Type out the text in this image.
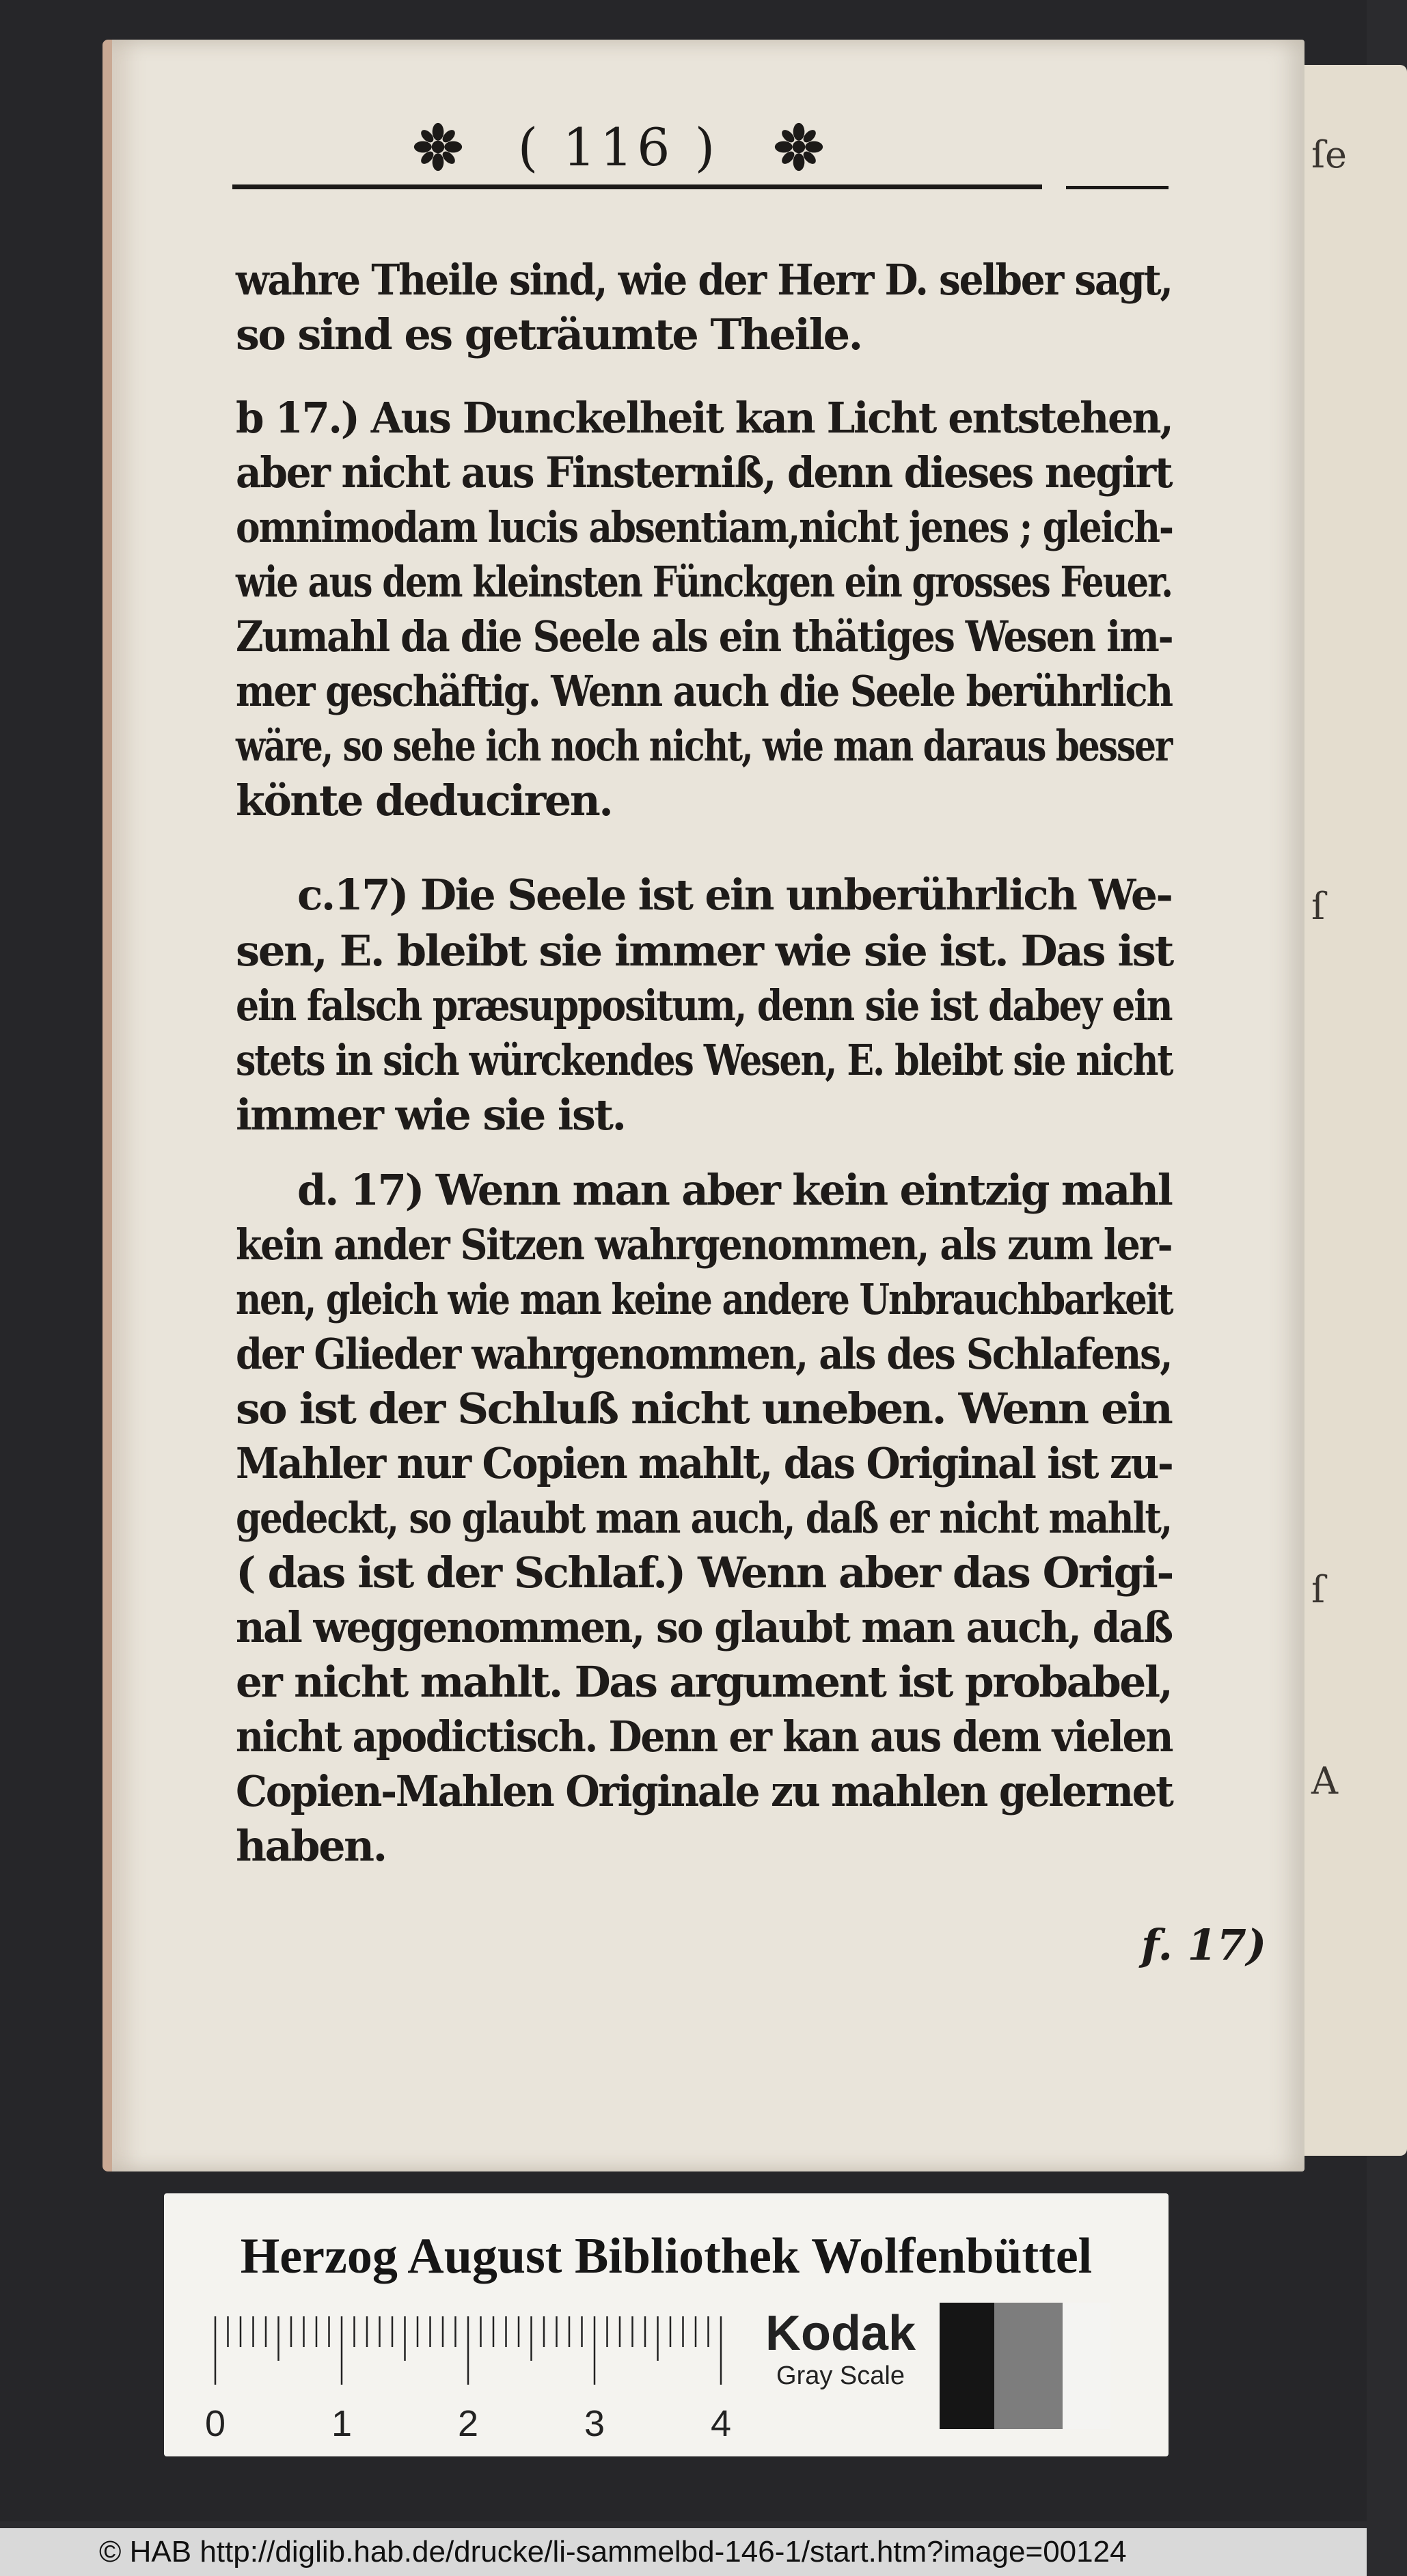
ſe
ſ
ſ
A
( 116 )
wahre Theile sind, wie der Herr D. selber sagt,
so sind es geträumte Theile.
b 17.) Aus Dunckelheit kan Licht entstehen,
aber nicht aus Finsterniß, denn dieses negirt
omnimodam lucis absentiam,nicht jenes ; gleich-
wie aus dem kleinsten Fünckgen ein grosses Feuer.
Zumahl da die Seele als ein thätiges Wesen im-
mer geschäftig. Wenn auch die Seele berührlich
wäre, so sehe ich noch nicht, wie man daraus besser
könte deduciren.
c.17) Die Seele ist ein unberührlich We-
sen, E. bleibt sie immer wie sie ist. Das ist
ein falsch præsuppositum, denn sie ist dabey ein
stets in sich würckendes Wesen, E. bleibt sie nicht
immer wie sie ist.
d. 17) Wenn man aber kein eintzig mahl
kein ander Sitzen wahrgenommen, als zum ler-
nen, gleich wie man keine andere Unbrauchbarkeit
der Glieder wahrgenommen, als des Schlafens,
so ist der Schluß nicht uneben. Wenn ein
Mahler nur Copien mahlt, das Original ist zu-
gedeckt, so glaubt man auch, daß er nicht mahlt,
( das ist der Schlaf.) Wenn aber das Origi-
nal weggenommen, so glaubt man auch, daß
er nicht mahlt. Das argument ist probabel,
nicht apodictisch. Denn er kan aus dem vielen
Copien-Mahlen Originale zu mahlen gelernet
haben.
f. 17)
Herzog August Bibliothek Wolfenbüttel
0	1	2	3	4
Kodak
Gray Scale
© HAB http://diglib.hab.de/drucke/li-sammelbd-146-1/start.htm?image=00124
